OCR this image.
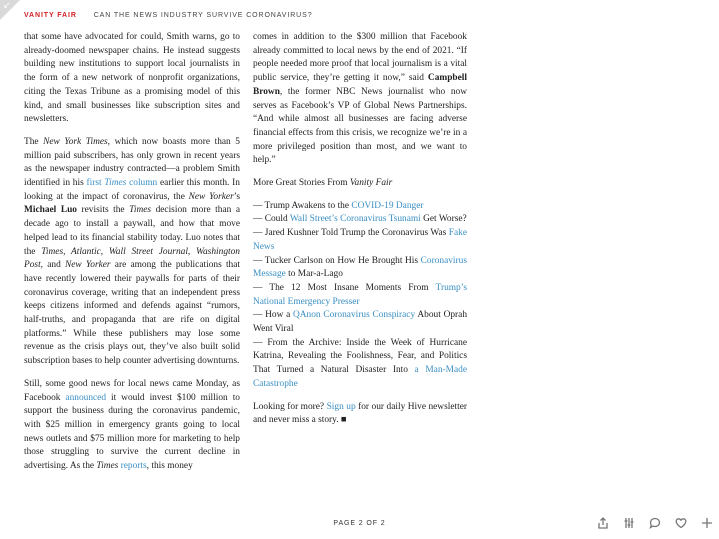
↙
VANITY FAIR CAN THE NEWS INDUSTRY SURVIVE CORONAVIRUS?

that some have advocated for could, Smith warns, go to already-doomed newspaper chains. He instead suggests building new institutions to support local journalists in the form of a new network of nonprofit organizations, citing the Texas Tribune as a promising model of this kind, and small businesses like subscription sites and newsletters.

The New York Times, which now boasts more than 5 million paid subscribers, has only grown in recent years as the newspaper industry contracted—a problem Smith identified in his first Times column earlier this month. In looking at the impact of coronavirus, the New Yorker’s Michael Luo revisits the Times decision more than a decade ago to install a paywall, and how that move helped lead to its financial stability today. Luo notes that the Times, Atlantic, Wall Street Journal, Washington Post, and New Yorker are among the publications that have recently lowered their paywalls for parts of their coronavirus coverage, writing that an independent press keeps citizens informed and defends against “rumors, half-truths, and propaganda that are rife on digital platforms.” While these publishers may lose some revenue as the crisis plays out, they’ve also built solid subscription bases to help counter advertising downturns.

Still, some good news for local news came Monday, as Facebook announced it would invest $100 million to support the business during the coronavirus pandemic, with $25 million in emergency grants going to local news outlets and $75 million more for marketing to help those struggling to survive the current decline in advertising. As the Times reports, this money

comes in addition to the $300 million that Facebook already committed to local news by the end of 2021. “If people needed more proof that local journalism is a vital public service, they’re getting it now,” said Campbell Brown, the former NBC News journalist who now serves as Facebook’s VP of Global News Partnerships. “And while almost all businesses are facing adverse financial effects from this crisis, we recognize we’re in a more privileged position than most, and we want to help.”

More Great Stories From Vanity Fair

— Trump Awakens to the COVID-19 Danger

— Could Wall Street’s Coronavirus Tsunami Get Worse?

— Jared Kushner Told Trump the Coronavirus Was Fake News

— Tucker Carlson on How He Brought His Coronavirus Message to Mar-a-Lago

— The 12 Most Insane Moments From Trump’s National Emergency Presser

— How a QAnon Coronavirus Conspiracy About Oprah Went Viral

— From the Archive: Inside the Week of Hurricane Katrina, Revealing the Foolishness, Fear, and Politics That Turned a Natural Disaster Into a Man-Made Catastrophe

Looking for more? Sign up for our daily Hive newsletter and never miss a story. ■

PAGE 2 OF 2
